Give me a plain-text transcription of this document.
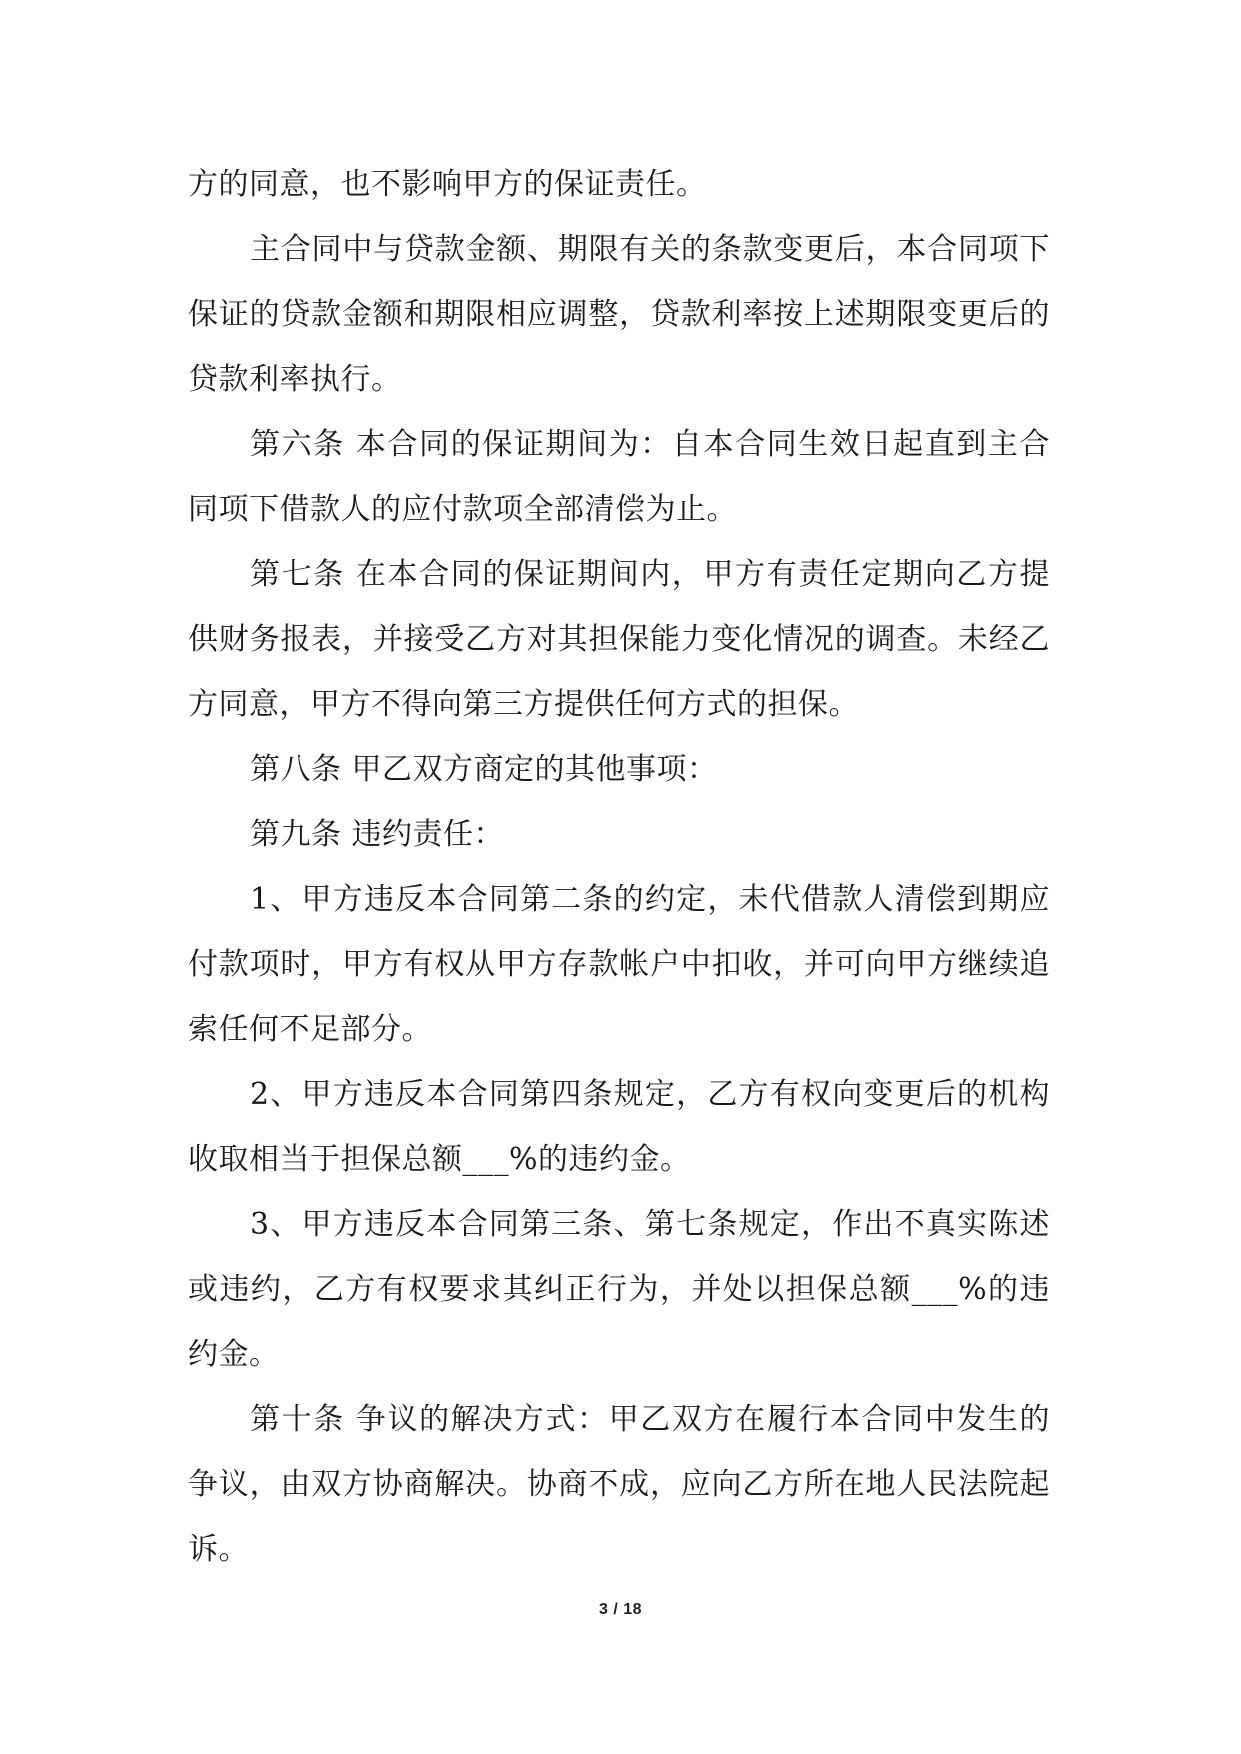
方的同意，也不影响甲方的保证责任。

主合同中与贷款金额、期限有关的条款变更后，本合同项下保证的贷款金额和期限相应调整，贷款利率按上述期限变更后的贷款利率执行。

第六条 本合同的保证期间为：自本合同生效日起直到主合同项下借款人的应付款项全部清偿为止。

第七条 在本合同的保证期间内，甲方有责任定期向乙方提供财务报表，并接受乙方对其担保能力变化情况的调查。未经乙方同意，甲方不得向第三方提供任何方式的担保。

第八条 甲乙双方商定的其他事项：

第九条 违约责任：

1、甲方违反本合同第二条的约定，未代借款人清偿到期应付款项时，甲方有权从甲方存款帐户中扣收，并可向甲方继续追索任何不足部分。

2、甲方违反本合同第四条规定，乙方有权向变更后的机构收取相当于担保总额___%的违约金。

3、甲方违反本合同第三条、第七条规定，作出不真实陈述或违约，乙方有权要求其纠正行为，并处以担保总额___%的违约金。

第十条 争议的解决方式：甲乙双方在履行本合同中发生的争议，由双方协商解决。协商不成，应向乙方所在地人民法院起诉。

3 / 18
